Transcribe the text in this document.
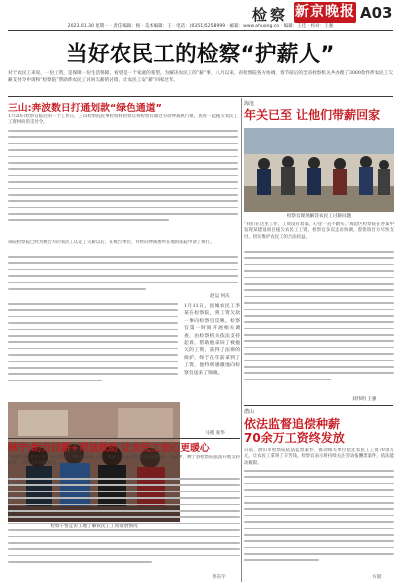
检察 新京晚报 A03
2023.01.30 星期一 · 责任编辑：杨 · 美术编辑：王 · 电话：(0351)5258999 · 邮箱：www.ahuang.cn · 编辑：王佳 · 校对：王强
当好农民工的检察“护薪人”
对于农民工来说，一份工资，是保障一份生活保障、看望是一个家庭的希望。为解决农民工的“薪”事，八月以来，省检察院各方协调，春节前后的全省检察机关共办理了3000余件涉农民工欠薪支付令申请和“检察院”帮助涉农民工讨回欠薪的讨债，让农民工安“薪”回家过年。
三山:奔波数日打通划款“绿色通道”
1月20日检察官临近的一个工作日，三山检察院民事检察科检察官将检察官通过劳动仲裁执行难，查处一起拖欠农民工工资纠纷的支付令。
该院检察院已经为被告方的农民工认定了欠薪以后，在被告单位，并经向仲裁委所在地的法院申请了执行。
赵运 何庆
检察干警走访工地了解农民工工资发放情况
1月11日，县城农民工李某在检察院，将工资欠款一事向检察官反映。检察官第一时间开展相关调查，由检察机关依法支持起诉，帮助他拿回了被拖欠的工资，获得了法律的保护，终于在年前拿到了工资，他特别感激地向检察官送来了锦旗。
马燕 张华
林宁:助力讨薪+司法救助 让农民工安心更暖心
“谁敢帮我讨回工资，我心里的一块石头就落了地。”农民工张某向检察官表示感谢。该案中，林宁县检察院依法开展支持起诉，并给予司法救助金。
李东宇
海沧
年关已至 让他们带薪回家
检察官现场解答农民工讨薪问题
“我们在这里工作，工资没有着落，心里一直不踏实。”海沧区检察院在办案中发现某建设项目拖欠农民工工资，检察官多次走访协调，督促项目方尽快支付，切实维护农民工的合法权益。
刘伟明 王强
潜山
依法监督追偿种薪
70余万工资终发放
日前，潜山市检察院依法监督案件，推动相关单位偿还农民工工资70余万元，让农民工拿到了辛苦钱。检察官表示将持续关注劳动报酬类案件，依法能动履职。
方晨
